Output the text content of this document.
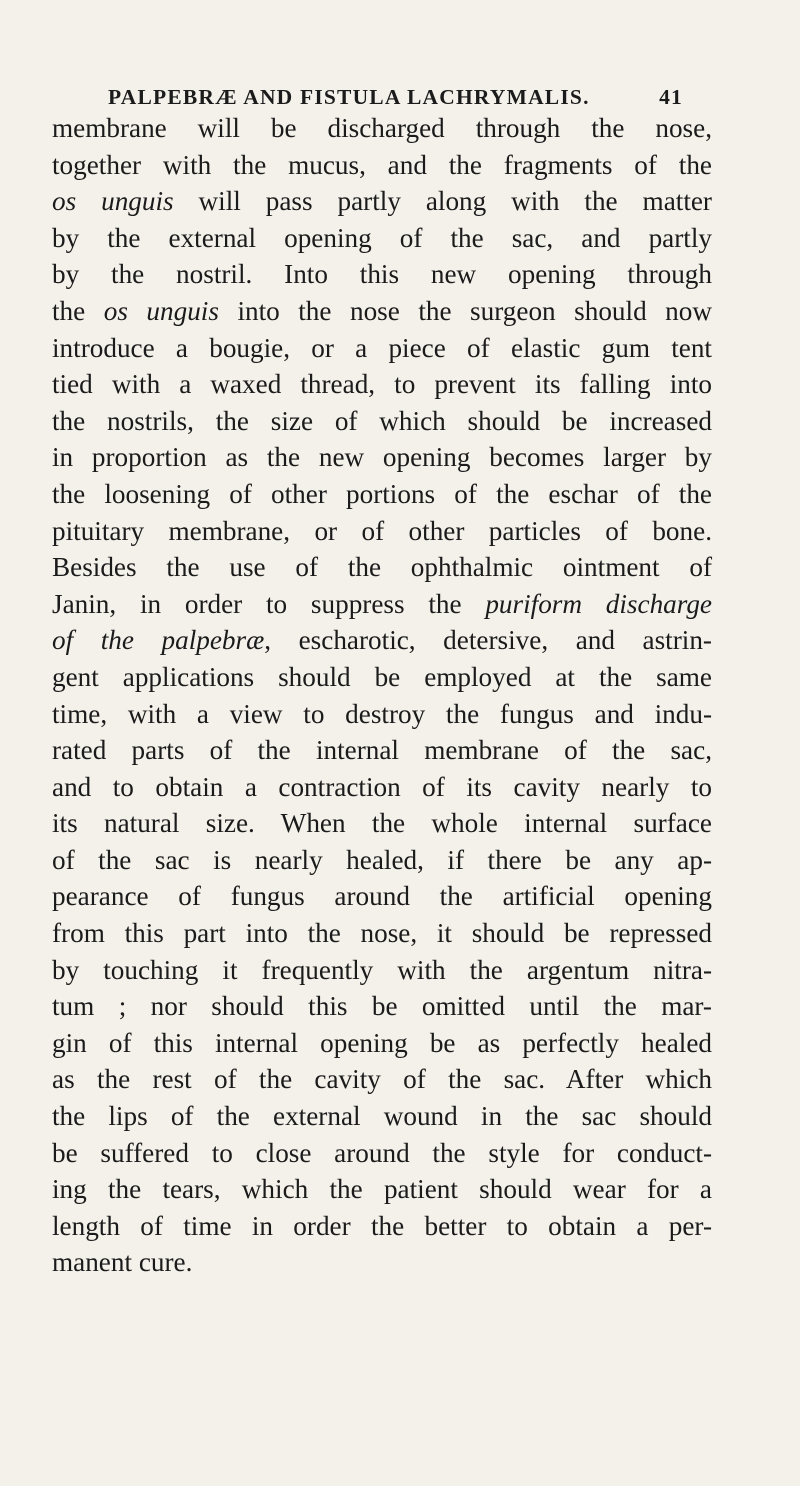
PALPEBRÆ AND FISTULA LACHRYMALIS.	41
membrane will be discharged through the nose,
together with the mucus, and the fragments of the
os unguis will pass partly along with the matter
by the external opening of the sac, and partly
by the nostril. Into this new opening through
the os unguis into the nose the surgeon should now
introduce a bougie, or a piece of elastic gum tent
tied with a waxed thread, to prevent its falling into
the nostrils, the size of which should be increased
in proportion as the new opening becomes larger by
the loosening of other portions of the eschar of the
pituitary membrane, or of other particles of bone.
Besides the use of the ophthalmic ointment of
Janin, in order to suppress the puriform discharge
of the palpebræ, escharotic, detersive, and astrin-
gent applications should be employed at the same
time, with a view to destroy the fungus and indu-
rated parts of the internal membrane of the sac,
and to obtain a contraction of its cavity nearly to
its natural size. When the whole internal surface
of the sac is nearly healed, if there be any ap-
pearance of fungus around the artificial opening
from this part into the nose, it should be repressed
by touching it frequently with the argentum nitra-
tum ; nor should this be omitted until the mar-
gin of this internal opening be as perfectly healed
as the rest of the cavity of the sac. After which
the lips of the external wound in the sac should
be suffered to close around the style for conduct-
ing the tears, which the patient should wear for a
length of time in order the better to obtain a per-
manent cure.
